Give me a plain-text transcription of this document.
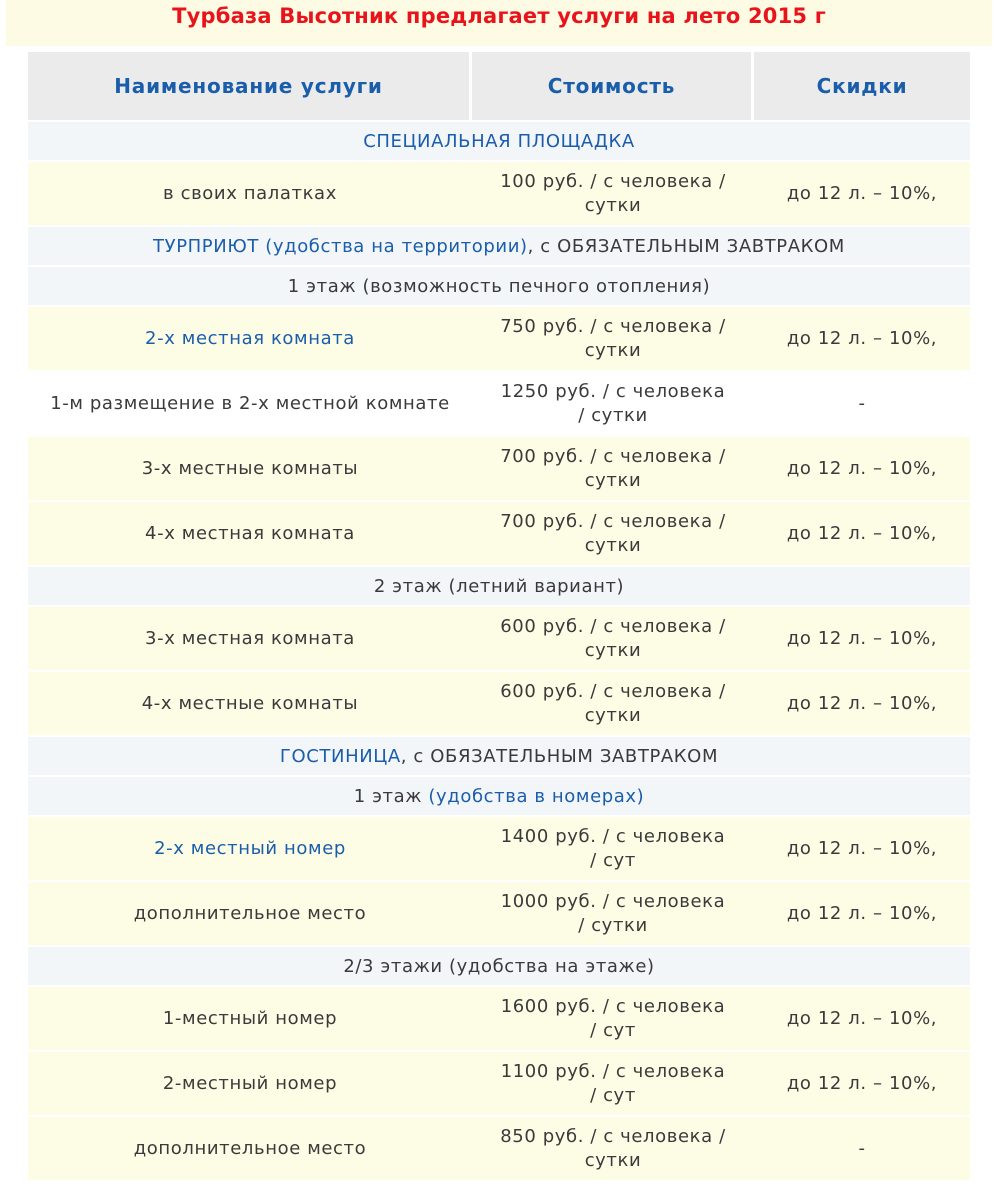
Турбаза Высотник предлагает услуги на лето 2015 г
Наименование услуги	Стоимость	Скидки
СПЕЦИАЛЬНАЯ ПЛОЩАДКА		
в своих палатках	100 руб. / с человека / сутки	до 12 л. – 10%,
ТУРПРИЮТ (удобства на территории), с ОБЯЗАТЕЛЬНЫМ ЗАВТРАКОМ		
1 этаж (возможность печного отопления)		
2-х местная комната	750 руб. / с человека / сутки	до 12 л. – 10%,
1-м размещение в 2-х местной комнате	1250 руб. / с человека / сутки	-
3-х местные комнаты	700 руб. / с человека / сутки	до 12 л. – 10%,
4-х местная комната	700 руб. / с человека / сутки	до 12 л. – 10%,
2 этаж (летний вариант)		
3-х местная комната	600 руб. / с человека / сутки	до 12 л. – 10%,
4-х местные комнаты	600 руб. / с человека / сутки	до 12 л. – 10%,
ГОСТИНИЦА, с ОБЯЗАТЕЛЬНЫМ ЗАВТРАКОМ		
1 этаж (удобства в номерах)		
2-х местный номер	1400 руб. / с человека / сут	до 12 л. – 10%,
дополнительное место	1000 руб. / с человека / сутки	до 12 л. – 10%,
2/3 этажи (удобства на этаже)		
1-местный номер	1600 руб. / с человека / сут	до 12 л. – 10%,
2-местный номер	1100 руб. / с человека / сут	до 12 л. – 10%,
дополнительное место	850 руб. / с человека / сутки	-
